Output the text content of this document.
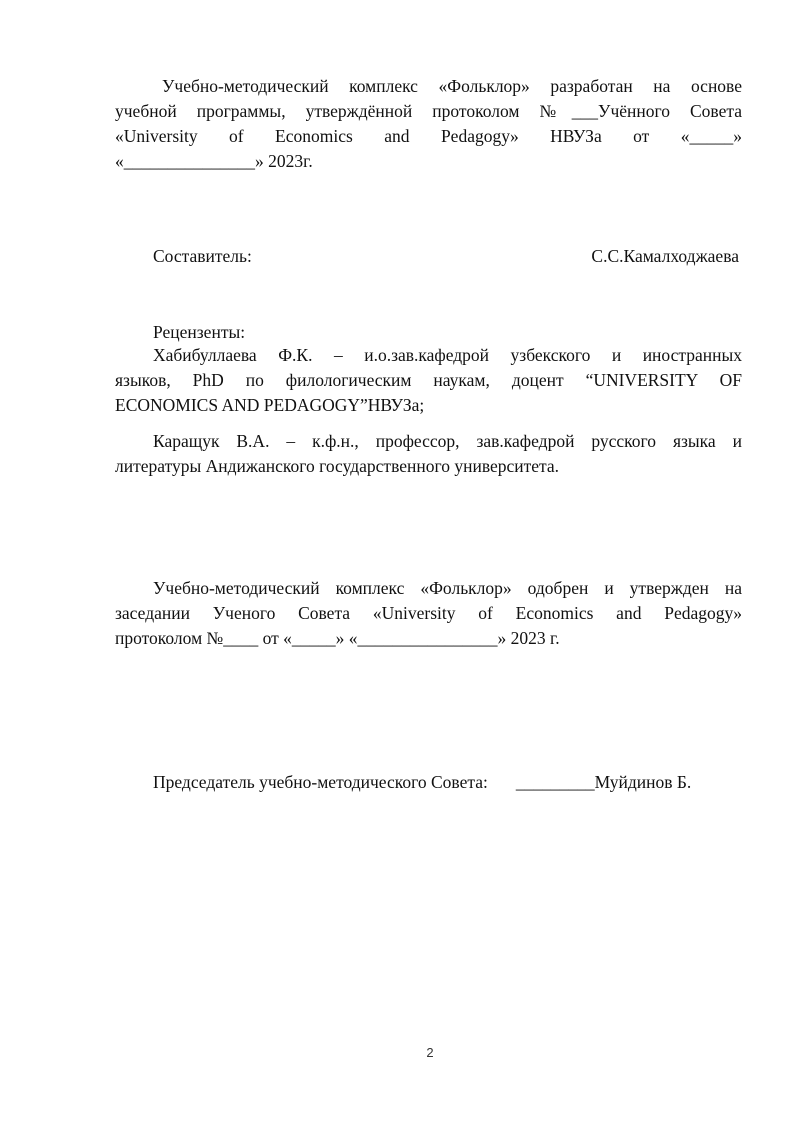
Учебно-методический комплекс «Фольклор» разработан на основе
учебной программы, утверждённой протоколом №___Учённого Совета
«University of Economics and Pedagogy» НВУЗа от «_____»
«_______________» 2023г.
Составитель:	С.С.Камалходжаева
Рецензенты:
Хабибуллаева Ф.К. – и.о.зав.кафедрой узбекского и иностранных
языков, PhD по филологическим наукам, доцент “UNIVERSITY OF
ECONOMICS AND PEDAGOGY”НВУЗа;
Каращук В.А. – к.ф.н., профессор, зав.кафедрой русского языка и
литературы Андижанского государственного университета.
Учебно-методический комплекс «Фольклор» одобрен и утвержден на
заседании Ученого Совета «University of Economics and Pedagogy»
протоколом №____ от «_____» «________________» 2023 г.
Председатель учебно-методического Совета: _________Муйдинов Б.
2
